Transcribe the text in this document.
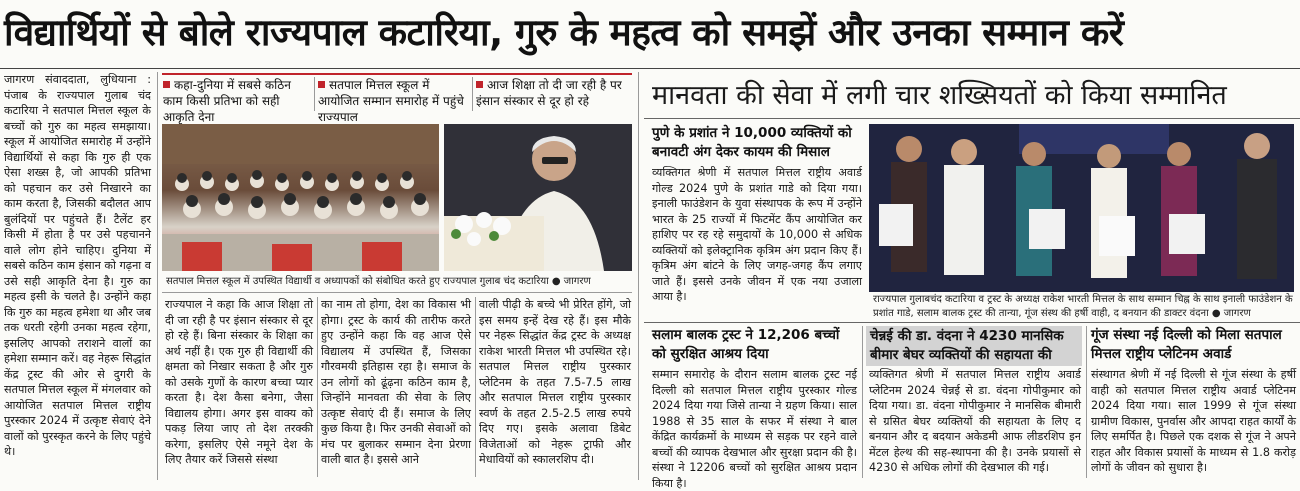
विद्यार्थियों से बोले राज्यपाल कटारिया, गुरु के महत्व को समझें और उनका सम्मान करें
जागरण संवाददाता, लुधियाना : पंजाब के राज्यपाल गुलाब चंद कटारिया ने सतपाल मित्तल स्कूल के बच्चों को गुरु का महत्व समझाया। स्कूल में आयोजित समारोह में उन्होंने विद्यार्थियों से कहा कि गुरु ही एक ऐसा शख्स है, जो आपकी प्रतिभा को पहचान कर उसे निखारने का काम करता है, जिसकी बदौलत आप बुलंदियों पर पहुंचते हैं। टैलेंट हर किसी में होता है पर उसे पहचानने वाले लोग होने चाहिए। दुनिया में सबसे कठिन काम इंसान को गढ़ना व उसे सही आकृति देना है। गुरु का महत्व इसी के चलते है। उन्होंने कहा कि गुरु का महत्व हमेशा था और जब तक धरती रहेगी उनका महत्व रहेगा, इसलिए आपको तराशने वालों का हमेशा सम्मान करें। वह नेहरू सिद्धांत केंद्र ट्रस्ट की ओर से दुगरी के सतपाल मित्तल स्कूल में मंगलवार को आयोजित सतपाल मित्तल राष्ट्रीय पुरस्कार 2024 में उत्कृष्ट सेवाएं देने वालों को पुरस्कृत करने के लिए पहुंचे थे।
कहा-दुनिया में सबसे कठिन काम किसी प्रतिभा को सही आकृति देना
सतपाल मित्तल स्कूल में आयोजित सम्मान समारोह में पहुंचे राज्यपाल
आज शिक्षा तो दी जा रही है पर इंसान संस्कार से दूर हो रहे
सतपाल मित्तल स्कूल में उपस्थित विद्यार्थी व अध्यापकों को संबोधित करते हुए राज्यपाल गुलाब चंद कटारिया ● जागरण
राज्यपाल ने कहा कि आज शिक्षा तो दी जा रही है पर इंसान संस्कार से दूर हो रहे हैं। बिना संस्कार के शिक्षा का अर्थ नहीं है। एक गुरु ही विद्यार्थी की क्षमता को निखार सकता है और गुरु को उसके गुणों के कारण बच्चा प्यार करता है। देश कैसा बनेगा, जैसा विद्यालय होगा। अगर इस वाक्य को पकड़ लिया जाए तो देश तरक्की करेगा, इसलिए ऐसे नमूने देश के लिए तैयार करें जिससे संस्था
का नाम तो होगा, देश का विकास भी होगा। ट्रस्ट के कार्य की तारीफ करते हुए उन्होंने कहा कि वह आज ऐसे विद्यालय में उपस्थित हैं, जिसका गौरवमयी इतिहास रहा है। समाज के उन लोगों को ढूंढ़ना कठिन काम है, जिन्होंने मानवता की सेवा के लिए उत्कृष्ट सेवाएं दी हैं। समाज के लिए कुछ किया है। फिर उनकी सेवाओं को मंच पर बुलाकर सम्मान देना प्रेरणा वाली बात है। इससे आने
वाली पीढ़ी के बच्चे भी प्रेरित होंगे, जो इस समय इन्हें देख रहे हैं। इस मौके पर नेहरू सिद्धांत केंद्र ट्रस्ट के अध्यक्ष राकेश भारती मित्तल भी उपस्थित रहे। सतपाल मित्तल राष्ट्रीय पुरस्कार प्लेटिनम के तहत 7.5-7.5 लाख और सतपाल मित्तल राष्ट्रीय पुरस्कार स्वर्ण के तहत 2.5-2.5 लाख रुपये दिए गए। इसके अलावा डिबेट विजेताओं को नेहरू ट्राफी और मेधावियों को स्कालरशिप दी।
मानवता की सेवा में लगी चार शख्सियतों को किया सम्मानित
पुणे के प्रशांत ने 10,000 व्यक्तियों को बनावटी अंग देकर कायम की मिसाल
व्यक्तिगत श्रेणी में सतपाल मित्तल राष्ट्रीय अवार्ड गोल्ड 2024 पुणे के प्रशांत गाडे को दिया गया। इनाली फाउंडेशन के युवा संस्थापक के रूप में उन्होंने भारत के 25 राज्यों में फिटमेंट कैंप आयोजित कर हाशिए पर रह रहे समुदायों के 10,000 से अधिक व्यक्तियों को इलेक्ट्रानिक कृत्रिम अंग प्रदान किए हैं। कृत्रिम अंग बांटने के लिए जगह-जगह कैंप लगाए जाते हैं। इससे उनके जीवन में एक नया उजाला आया है।	राज्यपाल गुलाबचंद कटारिया व ट्रस्ट के अध्यक्ष राकेश भारती मित्तल के साथ सम्मान चिह्न के साथ इनाली फाउंडेशन के प्रशांत गाडे, सलाम बालक ट्रस्ट की तान्या, गूंज संस्थ की हर्षी वाही, द बनयान की डाक्टर वंदना ● जागरण
सलाम बालक ट्रस्ट ने 12,206 बच्चों को सुरक्षित आश्रय दिया
सम्मान समारोह के दौरान सलाम बालक ट्रस्ट नई दिल्ली को सतपाल मित्तल राष्ट्रीय पुरस्कार गोल्ड 2024 दिया गया जिसे तान्या ने ग्रहण किया। साल 1988 से 35 साल के सफर में संस्था ने बाल केंद्रित कार्यक्रमों के माध्यम से सड़क पर रहने वाले बच्चों की व्यापक देखभाल और सुरक्षा प्रदान की है। संस्था ने 12206 बच्चों को सुरक्षित आश्रय प्रदान किया है।
चेन्नई की डा. वंदना ने 4230 मानसिक बीमार बेघर व्यक्तियों की सहायता की
व्यक्तिगत श्रेणी में सतपाल मित्तल राष्ट्रीय अवार्ड प्लेटिनम 2024 चेन्नई से डा. वंदना गोपीकुमार को दिया गया। डा. वंदना गोपीकुमार ने मानसिक बीमारी से ग्रसित बेघर व्यक्तियों की सहायता के लिए द बनयान और द बदयान अकेडमी आफ लीडरशिप इन मेंटल हेल्थ की सह-स्थापना की है। उनके प्रयासों से 4230 से अधिक लोगों की देखभाल की गई।
गूंज संस्था नई दिल्ली को मिला सतपाल मित्तल राष्ट्रीय प्लेटिनम अवार्ड
संस्थागत श्रेणी में नई दिल्ली से गूंज संस्था के हर्षी वाही को सतपाल मित्तल राष्ट्रीय अवार्ड प्लेटिनम 2024 दिया गया। साल 1999 से गूंज संस्था ग्रामीण विकास, पुनर्वास और आपदा राहत कार्यों के लिए समर्पित है। पिछले एक दशक से गूंज ने अपने राहत और विकास प्रयासों के माध्यम से 1.8 करोड़ लोगों के जीवन को सुधारा है।
